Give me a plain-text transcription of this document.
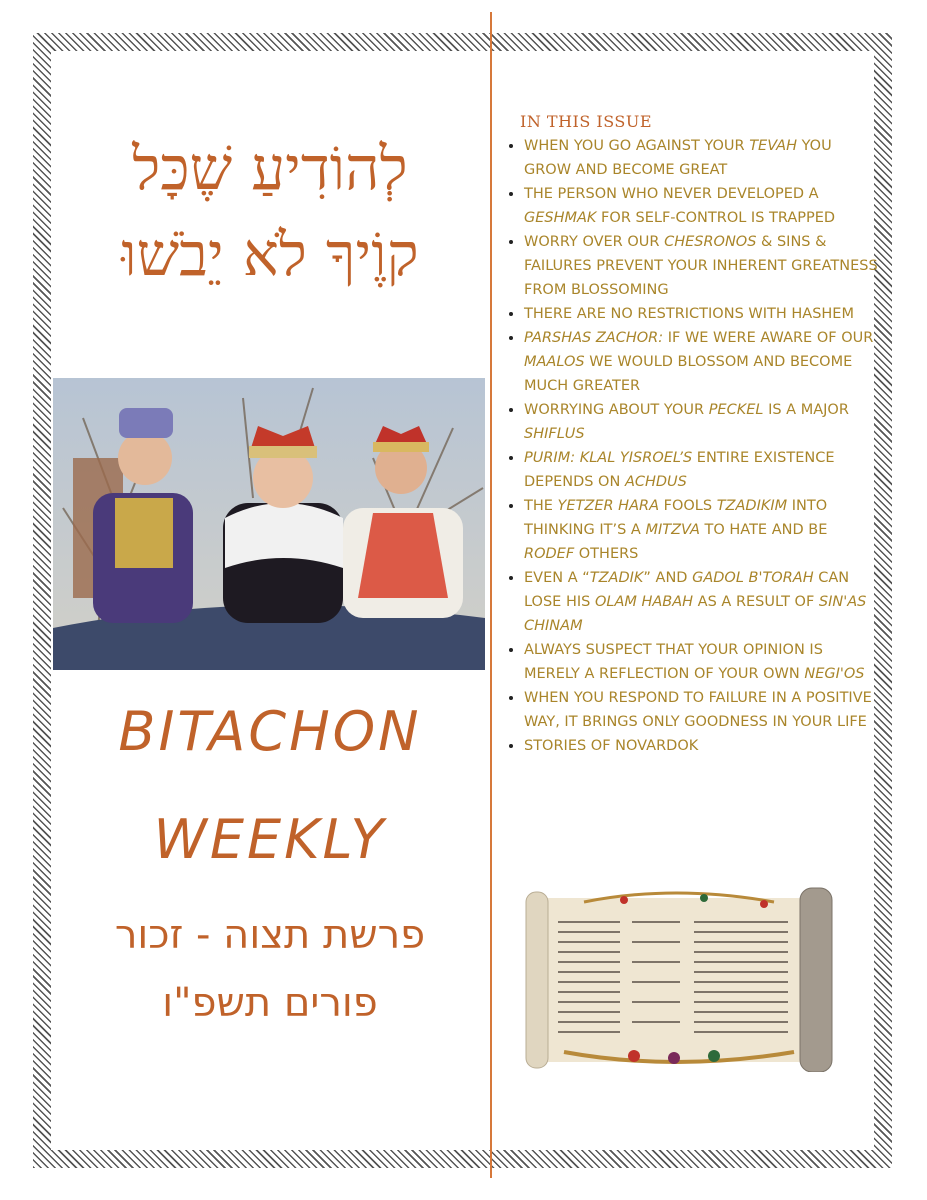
לְהוֹדִיעַ שֶׁכָּל
קוֶֹיךָ לֹא יֵבֹשׁוּ
BITACHON
WEEKLY
פרשת תצוה - זכור
פורים תשפ"ו
IN THIS ISSUE
• WHEN YOU GO AGAINST YOUR TEVAH YOU GROW AND BECOME GREAT
• THE PERSON WHO NEVER DEVELOPED A GESHMAK FOR SELF-CONTROL IS TRAPPED
• WORRY OVER OUR CHESRONOS & SINS & FAILURES PREVENT YOUR INHERENT GREATNESS FROM BLOSSOMING
• THERE ARE NO RESTRICTIONS WITH HASHEM
• PARSHAS ZACHOR: IF WE WERE AWARE OF OUR MAALOS WE WOULD BLOSSOM AND BECOME MUCH GREATER
• WORRYING ABOUT YOUR PECKEL IS A MAJOR SHIFLUS
• PURIM: KLAL YISROEL’S ENTIRE EXISTENCE DEPENDS ON ACHDUS
• THE YETZER HARA FOOLS TZADIKIM INTO THINKING IT’S A MITZVA TO HATE AND BE RODEF OTHERS
• EVEN A “TZADIK” AND GADOL B'TORAH CAN LOSE HIS OLAM HABAH AS A RESULT OF SIN'AS CHINAM
• ALWAYS SUSPECT THAT YOUR OPINION IS MERELY A REFLECTION OF YOUR OWN NEGI'OS
• WHEN YOU RESPOND TO FAILURE IN A POSITIVE WAY, IT BRINGS ONLY GOODNESS IN YOUR LIFE
• STORIES OF NOVARDOK
